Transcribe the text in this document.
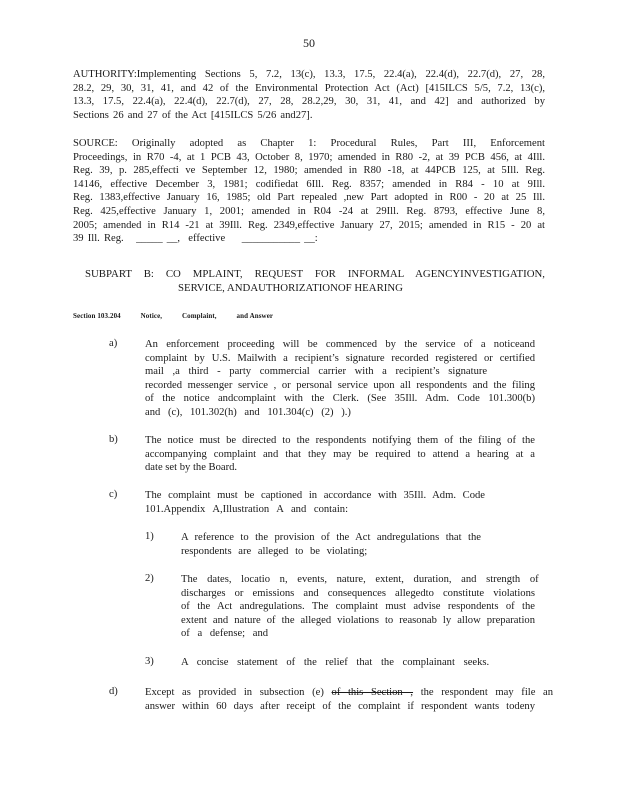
50
AUTHORITY:Implementing Sections 5, 7.2, 13(c), 13.3, 17.5, 22.4(a), 22.4(d), 22.7(d), 27, 28,
28.2, 29, 30, 31, 41, and 42 of the Environmental Protection Act (Act) [415ILCS 5/5, 7.2, 13(c),
13.3, 17.5, 22.4(a), 22.4(d), 22.7(d), 27, 28, 28.2,29, 30, 31, 41, and 42] and authorized by
Sections 26 and 27 of the Act [415ILCS 5/26 and27].
SOURCE: Originally adopted as Chapter 1: Procedural Rules, Part III, Enforcement
Proceedings, in R70 -4, at 1 PCB 43, October 8, 1970; amended in R80 -2, at 39 PCB 456, at 4Ill.
Reg. 39, p. 285,effecti ve September 12, 1980; amended in R80 -18, at 44PCB 125, at 5Ill. Reg.
14146, effective December 3, 1981; codifiedat 6Ill. Reg. 8357; amended in R84 - 10 at 9Ill.
Reg. 1383,effective January 16, 1985; old Part repealed ,new Part adopted in R00 - 20 at 25 Ill.
Reg. 425,effective January 1, 2001; amended in R04 -24 at 29Ill. Reg. 8793, effective June 8,
2005; amended in R14 -21 at 39Ill. Reg. 2349,effective January 27, 2015; amended in R15 - 20 at
39 Ill. Reg. _____ __, effective ___________ __:
SUBPART B: CO MPLAINT, REQUEST FOR INFORMAL AGENCYINVESTIGATION,
SERVICE, ANDAUTHORIZATIONOF HEARING
Section 103.204	Notice,	Complaint,	and Answer
a)	An enforcement proceeding will be commenced by the service of a noticeand
complaint by U.S. Mailwith a recipient’s signature recorded registered or certified
mail ,a third - party commercial carrier with a recipient’s signature
recorded messenger service , or personal service upon all respondents and the filing
of the notice andcomplaint with the Clerk. (See 35Ill. Adm. Code 101.300(b)
and (c), 101.302(h) and 101.304(c) (2) ).)
b)	The notice must be directed to the respondents notifying them of the filing of the
accompanying complaint and that they may be required to attend a hearing at a
date set by the Board.
c)	The complaint must be captioned in accordance with 35Ill. Adm. Code
101.Appendix A,Illustration A and contain:
1)	A reference to the provision of the Act andregulations that the
respondents are alleged to be violating;
2)	The dates, locatio n, events, nature, extent, duration, and strength of
discharges or emissions and consequences allegedto constitute violations
of the Act andregulations. The complaint must advise respondents of the
extent and nature of the alleged violations to reasonab ly allow preparation
of a defense; and
3)	A concise statement of the relief that the complainant seeks.
d)	Except as provided in subsection (e) of this Section , the respondent may file an
answer within 60 days after receipt of the complaint if respondent wants todeny
